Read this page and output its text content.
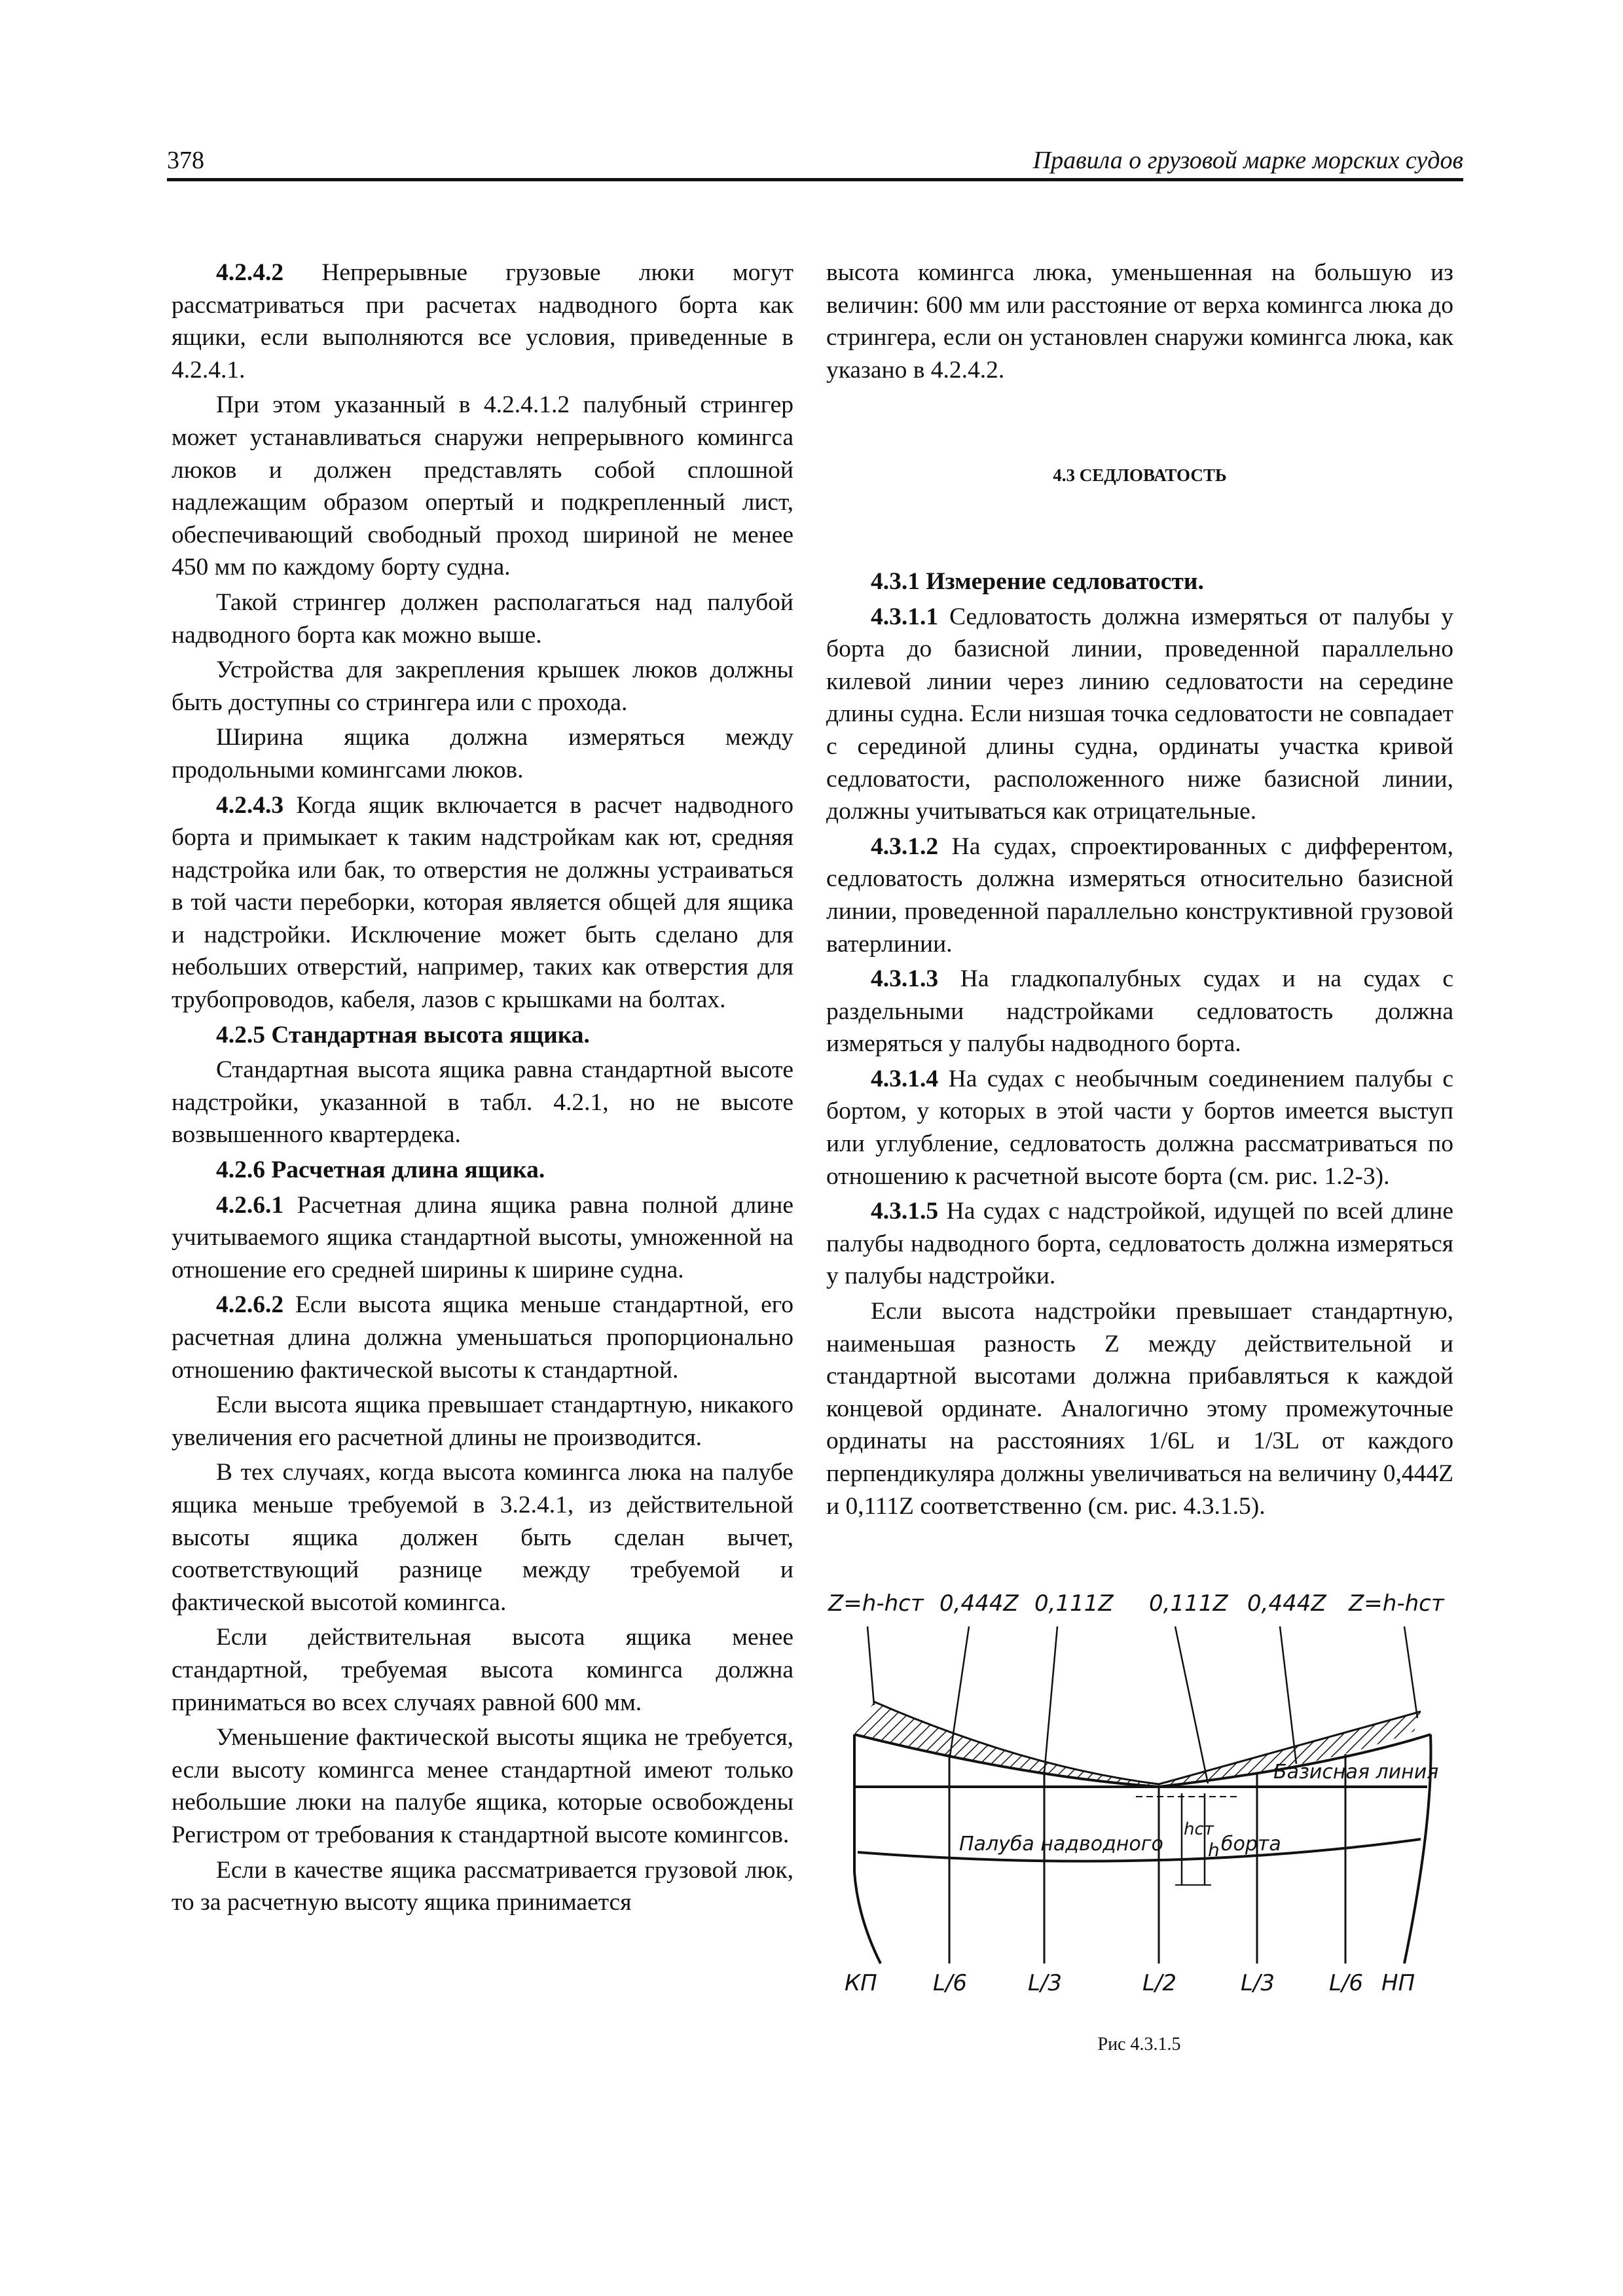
378	Правила о грузовой марке морских судов

4.2.4.2 Непрерывные грузовые люки могут рассматриваться при расчетах надводного борта как ящики, если выполняются все условия, приведенные в 4.2.4.1.

При этом указанный в 4.2.4.1.2 палубный стрингер может устанавливаться снаружи непрерывного комингса люков и должен представлять собой сплошной надлежащим образом опертый и подкрепленный лист, обеспечивающий свободный проход шириной не менее 450 мм по каждому борту судна.

Такой стрингер должен располагаться над палубой надводного борта как можно выше.

Устройства для закрепления крышек люков должны быть доступны со стрингера или с прохода.

Ширина ящика должна измеряться между продольными комингсами люков.

4.2.4.3 Когда ящик включается в расчет надводного борта и примыкает к таким надстройкам как ют, средняя надстройка или бак, то отверстия не должны устраиваться в той части переборки, которая является общей для ящика и надстройки. Исключение может быть сделано для небольших отверстий, например, таких как отверстия для трубопроводов, кабеля, лазов с крышками на болтах.

4.2.5 Стандартная высота ящика.

Стандартная высота ящика равна стандартной высоте надстройки, указанной в табл. 4.2.1, но не высоте возвышенного квартердека.

4.2.6 Расчетная длина ящика.

4.2.6.1 Расчетная длина ящика равна полной длине учитываемого ящика стандартной высоты, умноженной на отношение его средней ширины к ширине судна.

4.2.6.2 Если высота ящика меньше стандартной, его расчетная длина должна уменьшаться пропорционально отношению фактической высоты к стандартной.

Если высота ящика превышает стандартную, никакого увеличения его расчетной длины не производится.

В тех случаях, когда высота комингса люка на палубе ящика меньше требуемой в 3.2.4.1, из действительной высоты ящика должен быть сделан вычет, соответствующий разнице между требуемой и фактической высотой комингса.

Если действительная высота ящика менее стандартной, требуемая высота комингса должна приниматься во всех случаях равной 600 мм.

Уменьшение фактической высоты ящика не требуется, если высоту комингса менее стандартной имеют только небольшие люки на палубе ящика, которые освобождены Регистром от требования к стандартной высоте комингсов.

Если в качестве ящика рассматривается грузовой люк, то за расчетную высоту ящика принимается

высота комингса люка, уменьшенная на большую из величин: 600 мм или расстояние от верха комингса люка до стрингера, если он установлен снаружи комингса люка, как указано в 4.2.4.2.

4.3 СЕДЛОВАТОСТЬ

4.3.1 Измерение седловатости.

4.3.1.1 Седловатость должна измеряться от палубы у борта до базисной линии, проведенной параллельно килевой линии через линию седловатости на середине длины судна. Если низшая точка седловатости не совпадает с серединой длины судна, ординаты участка кривой седловатости, расположенного ниже базисной линии, должны учитываться как отрицательные.

4.3.1.2 На судах, спроектированных с дифферентом, седловатость должна измеряться относительно базисной линии, проведенной параллельно конструктивной грузовой ватерлинии.

4.3.1.3 На гладкопалубных судах и на судах с раздельными надстройками седловатость должна измеряться у палубы надводного борта.

4.3.1.4 На судах с необычным соединением палубы с бортом, у которых в этой части у бортов имеется выступ или углубление, седловатость должна рассматриваться по отношению к расчетной высоте борта (см. рис. 1.2-3).

4.3.1.5 На судах с надстройкой, идущей по всей длине палубы надводного борта, седловатость должна измеряться у палубы надстройки.

Если высота надстройки превышает стандартную, наименьшая разность Z между действительной и стандартной высотами должна прибавляться к каждой концевой ординате. Аналогично этому промежуточные ординаты на расстояниях 1/6L и 1/3L от каждого перпендикуляра должны увеличиваться на величину 0,444Z и 0,111Z соответственно (см. рис. 4.3.1.5).

Z=h-hст 0,444Z 0,111Z 0,111Z 0,444Z Z=h-hст
Базисная линия
Палуба надводного	борта
hст
h
КП	L/6	L/3	L/2	L/3 L/6 НП
Рис 4.3.1.5
